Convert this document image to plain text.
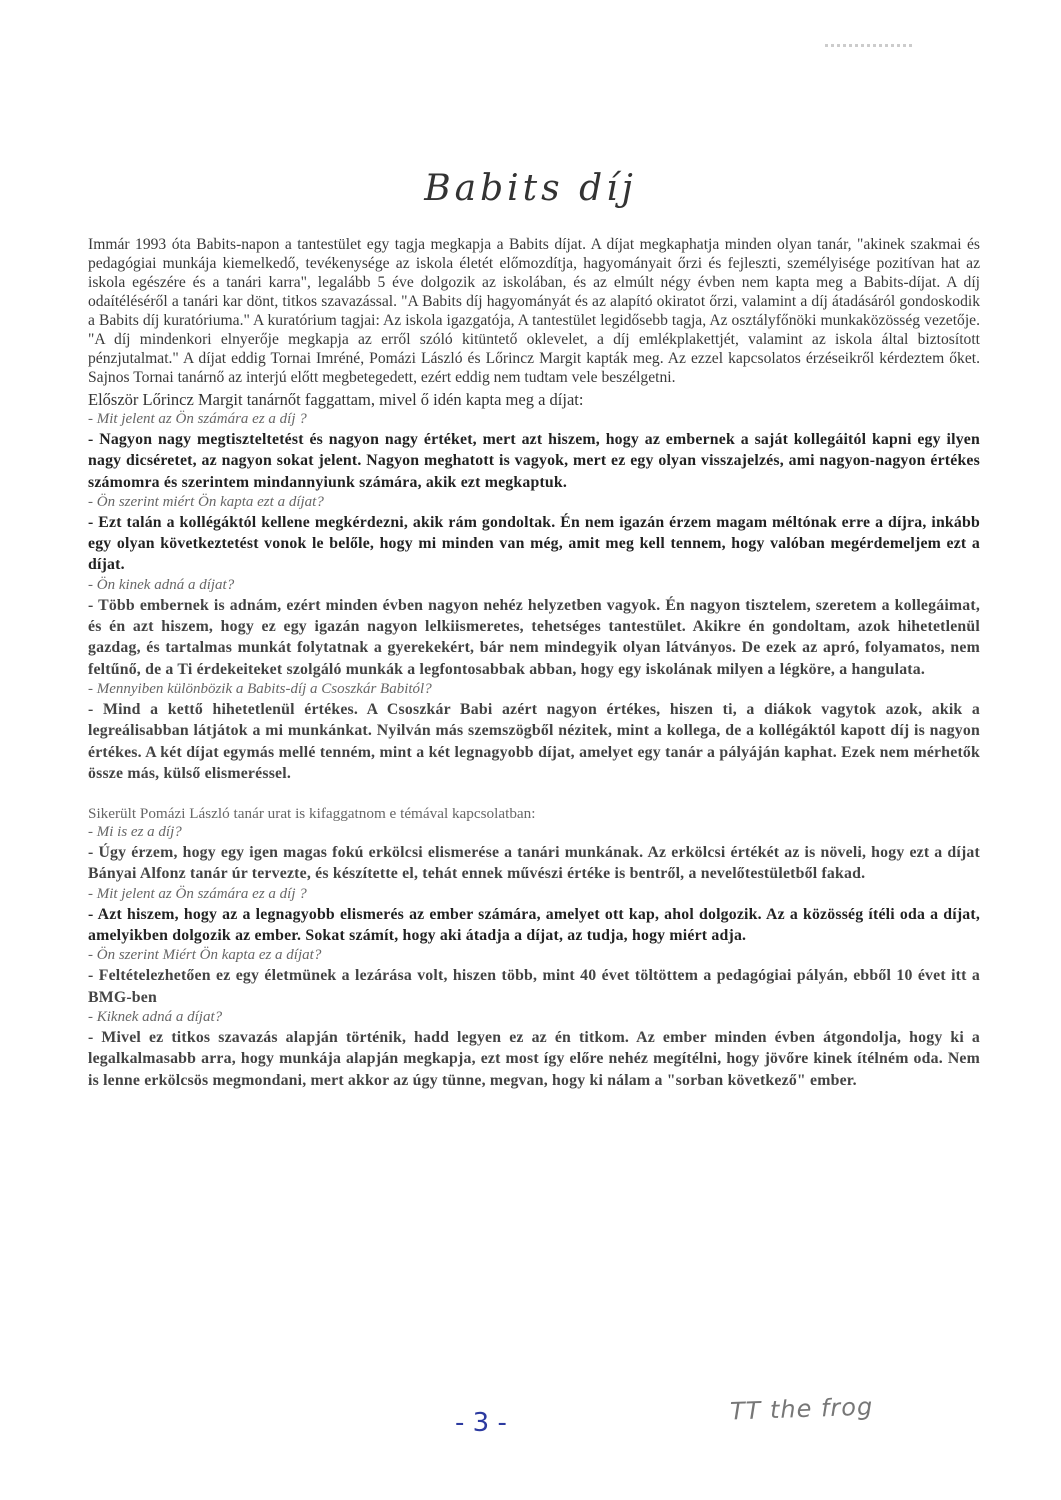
Babits díj

Immár 1993 óta Babits-napon a tantestület egy tagja megkapja a Babits díjat. A díjat megkaphatja minden olyan tanár, "akinek szakmai és pedagógiai munkája kiemelkedő, tevékenysége az iskola életét előmozdítja, hagyományait őrzi és fejleszti, személyisége pozitívan hat az iskola egészére és a tanári karra", legalább 5 éve dolgozik az iskolában, és az elmúlt négy évben nem kapta meg a Babits-díjat. A díj odaítéléséről a tanári kar dönt, titkos szavazással. "A Babits díj hagyományát és az alapító okiratot őrzi, valamint a díj átadásáról gondoskodik a Babits díj kuratóriuma." A kuratórium tagjai: Az iskola igazgatója, A tantestület legidősebb tagja, Az osztályfőnöki munkaközösség vezetője. "A díj mindenkori elnyerője megkapja az erről szóló kitüntető oklevelet, a díj emlékplakettjét, valamint az iskola által biztosított pénzjutalmat." A díjat eddig Tornai Imréné, Pomázi László és Lőrincz Margit kapták meg. Az ezzel kapcsolatos érzéseikről kérdeztem őket. Sajnos Tornai tanárnő az interjú előtt megbetegedett, ezért eddig nem tudtam vele beszélgetni.

Először Lőrincz Margit tanárnőt faggattam, mivel ő idén kapta meg a díjat:

- Mit jelent az Ön számára ez a díj ?

- Nagyon nagy megtiszteltetést és nagyon nagy értéket, mert azt hiszem, hogy az embernek a saját kollegáitól kapni egy ilyen nagy dicséretet, az nagyon sokat jelent. Nagyon meghatott is vagyok, mert ez egy olyan visszajelzés, ami nagyon-nagyon értékes számomra és szerintem mindannyiunk számára, akik ezt megkaptuk.

- Ön szerint miért Ön kapta ezt a díjat?

- Ezt talán a kollégáktól kellene megkérdezni, akik rám gondoltak. Én nem igazán érzem magam méltónak erre a díjra, inkább egy olyan következtetést vonok le belőle, hogy mi minden van még, amit meg kell tennem, hogy valóban megérdemeljem ezt a díjat.

- Ön kinek adná a díjat?

- Több embernek is adnám, ezért minden évben nagyon nehéz helyzetben vagyok. Én nagyon tisztelem, szeretem a kollegáimat, és én azt hiszem, hogy ez egy igazán nagyon lelkiismeretes, tehetséges tantestület. Akikre én gondoltam, azok hihetetlenül gazdag, és tartalmas munkát folytatnak a gyerekekért, bár nem mindegyik olyan látványos. De ezek az apró, folyamatos, nem feltűnő, de a Ti érdekeiteket szolgáló munkák a legfontosabbak abban, hogy egy iskolának milyen a légköre, a hangulata.

- Mennyiben különbözik a Babits-díj a Csoszkár Babitól?

- Mind a kettő hihetetlenül értékes. A Csoszkár Babi azért nagyon értékes, hiszen ti, a diákok vagytok azok, akik a legreálisabban látjátok a mi munkánkat. Nyilván más szemszögből nézitek, mint a kollega, de a kollégáktól kapott díj is nagyon értékes. A két díjat egymás mellé tenném, mint a két legnagyobb díjat, amelyet egy tanár a pályáján kaphat. Ezek nem mérhetők össze más, külső elismeréssel.

Sikerült Pomázi László tanár urat is kifaggatnom e témával kapcsolatban:

- Mi is ez a díj?

- Úgy érzem, hogy egy igen magas fokú erkölcsi elismerése a tanári munkának. Az erkölcsi értékét az is növeli, hogy ezt a díjat Bányai Alfonz tanár úr tervezte, és készítette el, tehát ennek művészi értéke is bentről, a nevelőtestületből fakad.

- Mit jelent az Ön számára ez a díj ?

- Azt hiszem, hogy az a legnagyobb elismerés az ember számára, amelyet ott kap, ahol dolgozik. Az a közösség ítéli oda a díjat, amelyikben dolgozik az ember. Sokat számít, hogy aki átadja a díjat, az tudja, hogy miért adja.

- Ön szerint Miért Ön kapta ez a díjat?

- Feltételezhetően ez egy életmünek a lezárása volt, hiszen több, mint 40 évet töltöttem a pedagógiai pályán, ebből 10 évet itt a BMG-ben

- Kiknek adná a díjat?

- Mivel ez titkos szavazás alapján történik, hadd legyen ez az én titkom. Az ember minden évben átgondolja, hogy ki a legalkalmasabb arra, hogy munkája alapján megkapja, ezt most így előre nehéz megítélni, hogy jövőre kinek ítélném oda. Nem is lenne erkölcsös megmondani, mert akkor az úgy tünne, megvan, hogy ki nálam a "sorban következő" ember.

TT the frog
- 3 -
